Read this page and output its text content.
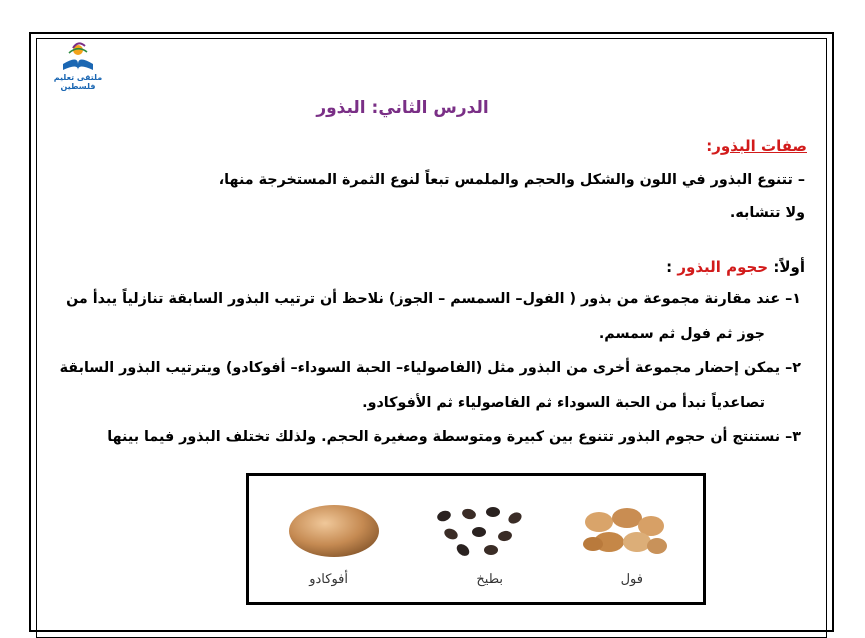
ملتقى تعليم فلسطين
الدرس الثاني: البذور
صفات البذور:
– تتنوع البذور في اللون والشكل والحجم والملمس تبعاً لنوع الثمرة المستخرجة منها،
ولا تتشابه.
أولاً: حجوم البذور :
١– عند مقارنة مجموعة من بذور ( الفول– السمسم – الجوز) نلاحظ أن ترتيب البذور السابقة تنازلياً يبدأ من
جوز ثم فول ثم سمسم.
٢– يمكن إحضار مجموعة أخرى من البذور مثل (الفاصولياء– الحبة السوداء– أفوكادو) ويترتيب البذور السابقة
تصاعدياً نبدأ من الحبة السوداء ثم الفاصولياء ثم الأفوكادو.
٣– نستنتج أن حجوم البذور تتنوع بين كبيرة ومتوسطة وصغيرة الحجم. ولذلك تختلف البذور فيما بينها
فول
بطيخ
أفوكادو
